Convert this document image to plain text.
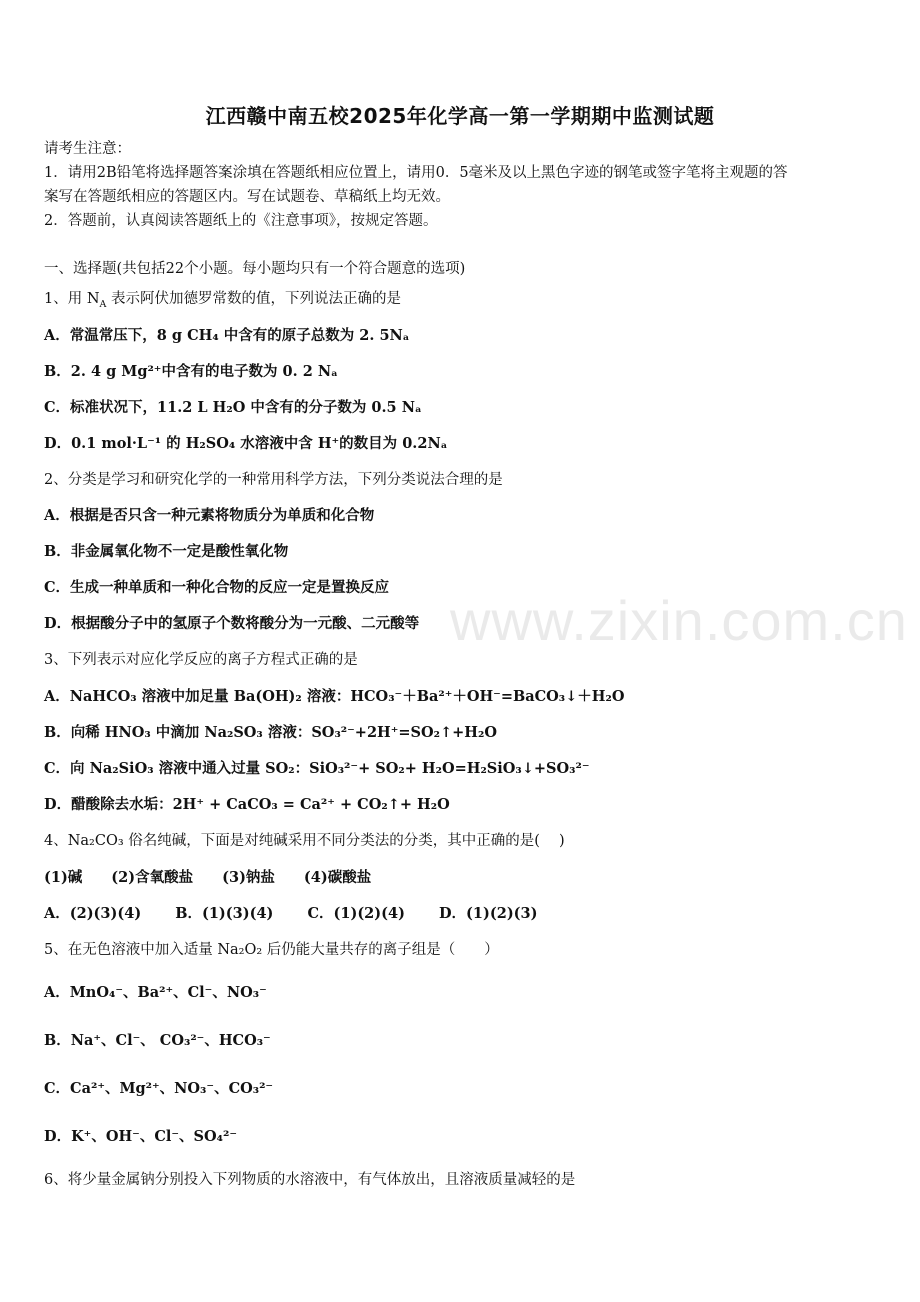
www.zixin.com.cn
江西赣中南五校2025年化学高一第一学期期中监测试题
请考生注意：
1．请用2B铅笔将选择题答案涂填在答题纸相应位置上，请用0．5毫米及以上黑色字迹的钢笔或签字笔将主观题的答
案写在答题纸相应的答题区内。写在试题卷、草稿纸上均无效。
2．答题前，认真阅读答题纸上的《注意事项》，按规定答题。
一、选择题(共包括22个小题。每小题均只有一个符合题意的选项)
1、用 $N_A$ 表示阿伏加德罗常数的值，下列说法正确的是
A．常温常压下，8 g CH₄ 中含有的原子总数为 2. 5Nₐ
B．2. 4 g Mg²⁺中含有的电子数为 0. 2 Nₐ
C．标准状况下，11.2 L H₂O 中含有的分子数为 0.5 Nₐ
D．0.1 mol·L⁻¹ 的 H₂SO₄ 水溶液中含 H⁺的数目为 0.2Nₐ
2、分类是学习和研究化学的一种常用科学方法，下列分类说法合理的是
A．根据是否只含一种元素将物质分为单质和化合物
B．非金属氧化物不一定是酸性氧化物
C．生成一种单质和一种化合物的反应一定是置换反应
D．根据酸分子中的氢原子个数将酸分为一元酸、二元酸等
3、下列表示对应化学反应的离子方程式正确的是
A．NaHCO₃ 溶液中加足量 Ba(OH)₂ 溶液：HCO₃⁻＋Ba²⁺＋OH⁻=BaCO₃↓＋H₂O
B．向稀 HNO₃ 中滴加 Na₂SO₃ 溶液：SO₃²⁻+2H⁺=SO₂↑+H₂O
C．向 Na₂SiO₃ 溶液中通入过量 SO₂：SiO₃²⁻+ SO₂+ H₂O=H₂SiO₃↓+SO₃²⁻
D．醋酸除去水垢：2H⁺ + CaCO₃ = Ca²⁺ + CO₂↑+ H₂O
4、Na₂CO₃ 俗名纯碱，下面是对纯碱采用不同分类法的分类，其中正确的是(　 )
(1)碱　　(2)含氧酸盐　　(3)钠盐　　(4)碳酸盐
A．(2)(3)(4)　　 B．(1)(3)(4)　　 C．(1)(2)(4)　　 D．(1)(2)(3)
5、在无色溶液中加入适量 Na₂O₂ 后仍能大量共存的离子组是（　　）
A．MnO₄⁻、Ba²⁺、Cl⁻、NO₃⁻
B．Na⁺、Cl⁻、 CO₃²⁻、HCO₃⁻
C．Ca²⁺、Mg²⁺、NO₃⁻、CO₃²⁻
D．K⁺、OH⁻、Cl⁻、SO₄²⁻
6、将少量金属钠分别投入下列物质的水溶液中，有气体放出，且溶液质量减轻的是
